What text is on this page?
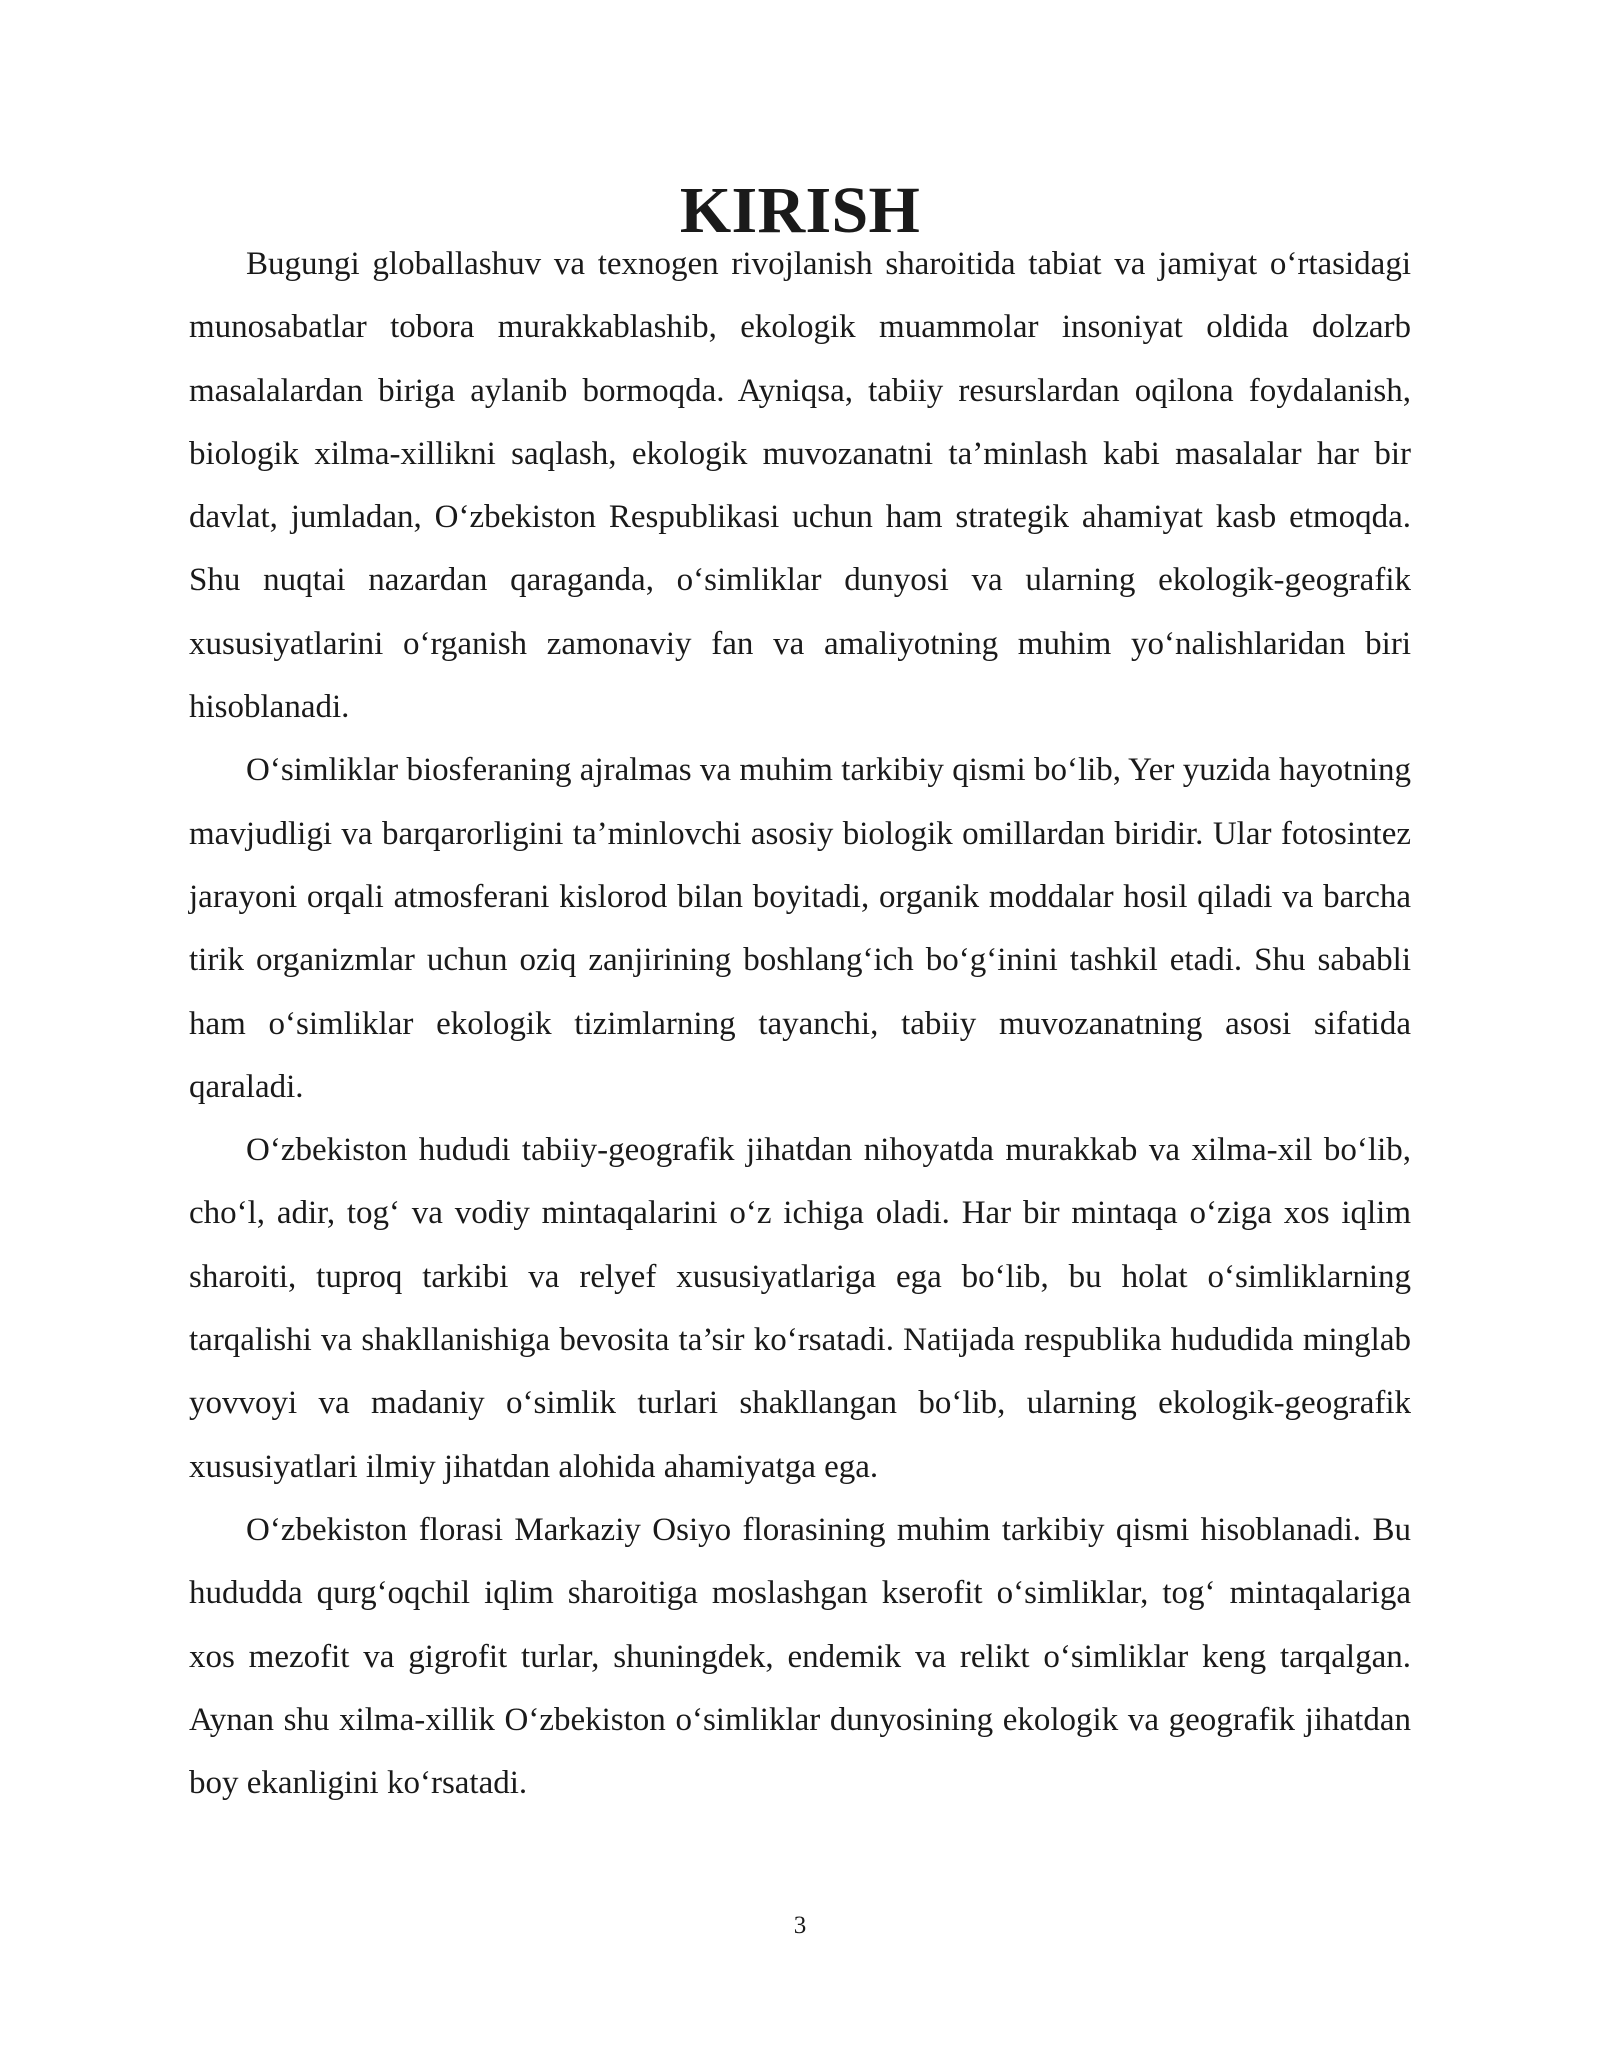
KIRISH

Bugungi globallashuv va texnogen rivojlanish sharoitida tabiat va jamiyat o‘rtasidagi munosabatlar tobora murakkablashib, ekologik muammolar insoniyat oldida dolzarb masalalardan biriga aylanib bormoqda. Ayniqsa, tabiiy resurslardan oqilona foydalanish, biologik xilma-xillikni saqlash, ekologik muvozanatni ta’minlash kabi masalalar har bir davlat, jumladan, O‘zbekiston Respublikasi uchun ham strategik ahamiyat kasb etmoqda. Shu nuqtai nazardan qaraganda, o‘simliklar dunyosi va ularning ekologik-geografik xususiyatlarini o‘rganish zamonaviy fan va amaliyotning muhim yo‘nalishlaridan biri hisoblanadi.

O‘simliklar biosferaning ajralmas va muhim tarkibiy qismi bo‘lib, Yer yuzida hayotning mavjudligi va barqarorligini ta’minlovchi asosiy biologik omillardan biridir. Ular fotosintez jarayoni orqali atmosferani kislorod bilan boyitadi, organik moddalar hosil qiladi va barcha tirik organizmlar uchun oziq zanjirining boshlang‘ich bo‘g‘inini tashkil etadi. Shu sababli ham o‘simliklar ekologik tizimlarning tayanchi, tabiiy muvozanatning asosi sifatida qaraladi.

O‘zbekiston hududi tabiiy-geografik jihatdan nihoyatda murakkab va xilma-xil bo‘lib, cho‘l, adir, tog‘ va vodiy mintaqalarini o‘z ichiga oladi. Har bir mintaqa o‘ziga xos iqlim sharoiti, tuproq tarkibi va relyef xususiyatlariga ega bo‘lib, bu holat o‘simliklarning tarqalishi va shakllanishiga bevosita ta’sir ko‘rsatadi. Natijada respublika hududida minglab yovvoyi va madaniy o‘simlik turlari shakllangan bo‘lib, ularning ekologik-geografik xususiyatlari ilmiy jihatdan alohida ahamiyatga ega.

O‘zbekiston florasi Markaziy Osiyo florasining muhim tarkibiy qismi hisoblanadi. Bu hududda qurg‘oqchil iqlim sharoitiga moslashgan kserofit o‘simliklar, tog‘ mintaqalariga xos mezofit va gigrofit turlar, shuningdek, endemik va relikt o‘simliklar keng tarqalgan. Aynan shu xilma-xillik O‘zbekiston o‘simliklar dunyosining ekologik va geografik jihatdan boy ekanligini ko‘rsatadi.

3
